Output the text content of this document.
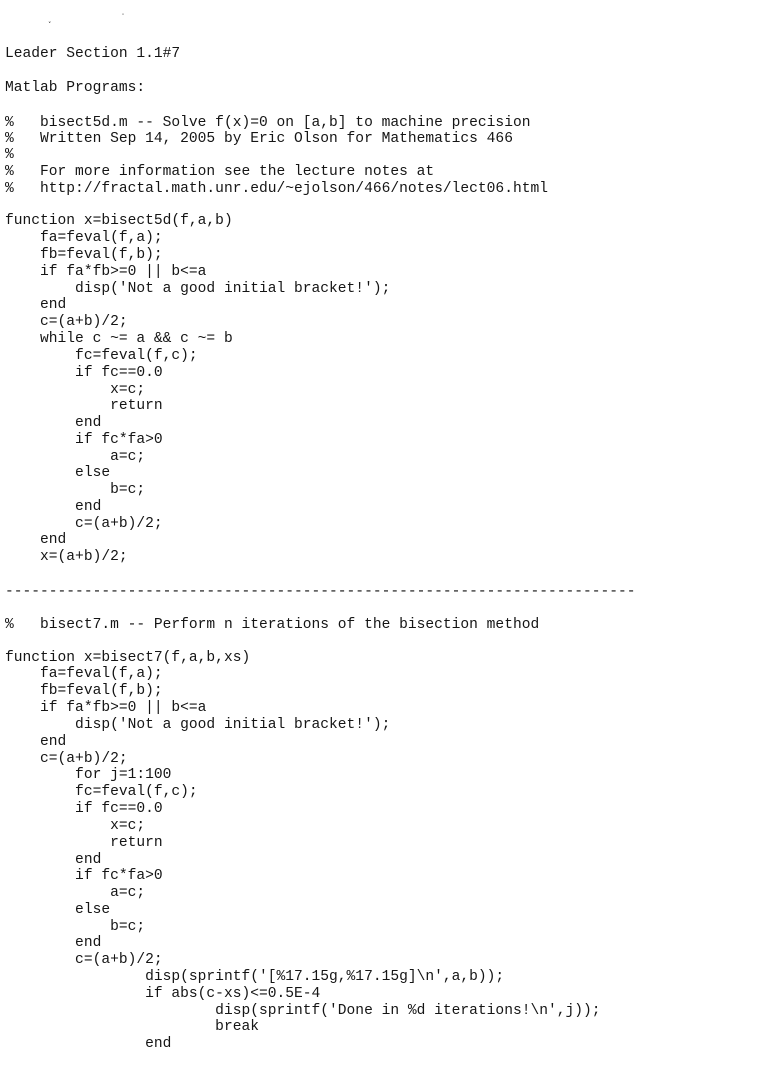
˯ ˈ
Leader Section 1.1#7
Matlab Programs:
%   bisect5d.m -- Solve f(x)=0 on [a,b] to machine precision
%   Written Sep 14, 2005 by Eric Olson for Mathematics 466
%
%   For more information see the lecture notes at
%   http://fractal.math.unr.edu/~ejolson/466/notes/lect06.html
function x=bisect5d(f,a,b)
fa=feval(f,a);
fb=feval(f,b);
if fa*fb>=0 || b<=a
disp('Not a good initial bracket!');
end
c=(a+b)/2;
while c ~= a && c ~= b
fc=feval(f,c);
if fc==0.0
x=c;
return
end
if fc*fa>0
a=c;
else
b=c;
end
c=(a+b)/2;
end
x=(a+b)/2;
------------------------------------------------------------------------
%   bisect7.m -- Perform n iterations of the bisection method
function x=bisect7(f,a,b,xs)
fa=feval(f,a);
fb=feval(f,b);
if fa*fb>=0 || b<=a
disp('Not a good initial bracket!');
end
c=(a+b)/2;
for j=1:100
fc=feval(f,c);
if fc==0.0
x=c;
return
end
if fc*fa>0
a=c;
else
b=c;
end
c=(a+b)/2;
disp(sprintf('[%17.15g,%17.15g]\n',a,b));
if abs(c-xs)<=0.5E-4
disp(sprintf('Done in %d iterations!\n',j));
break
end
